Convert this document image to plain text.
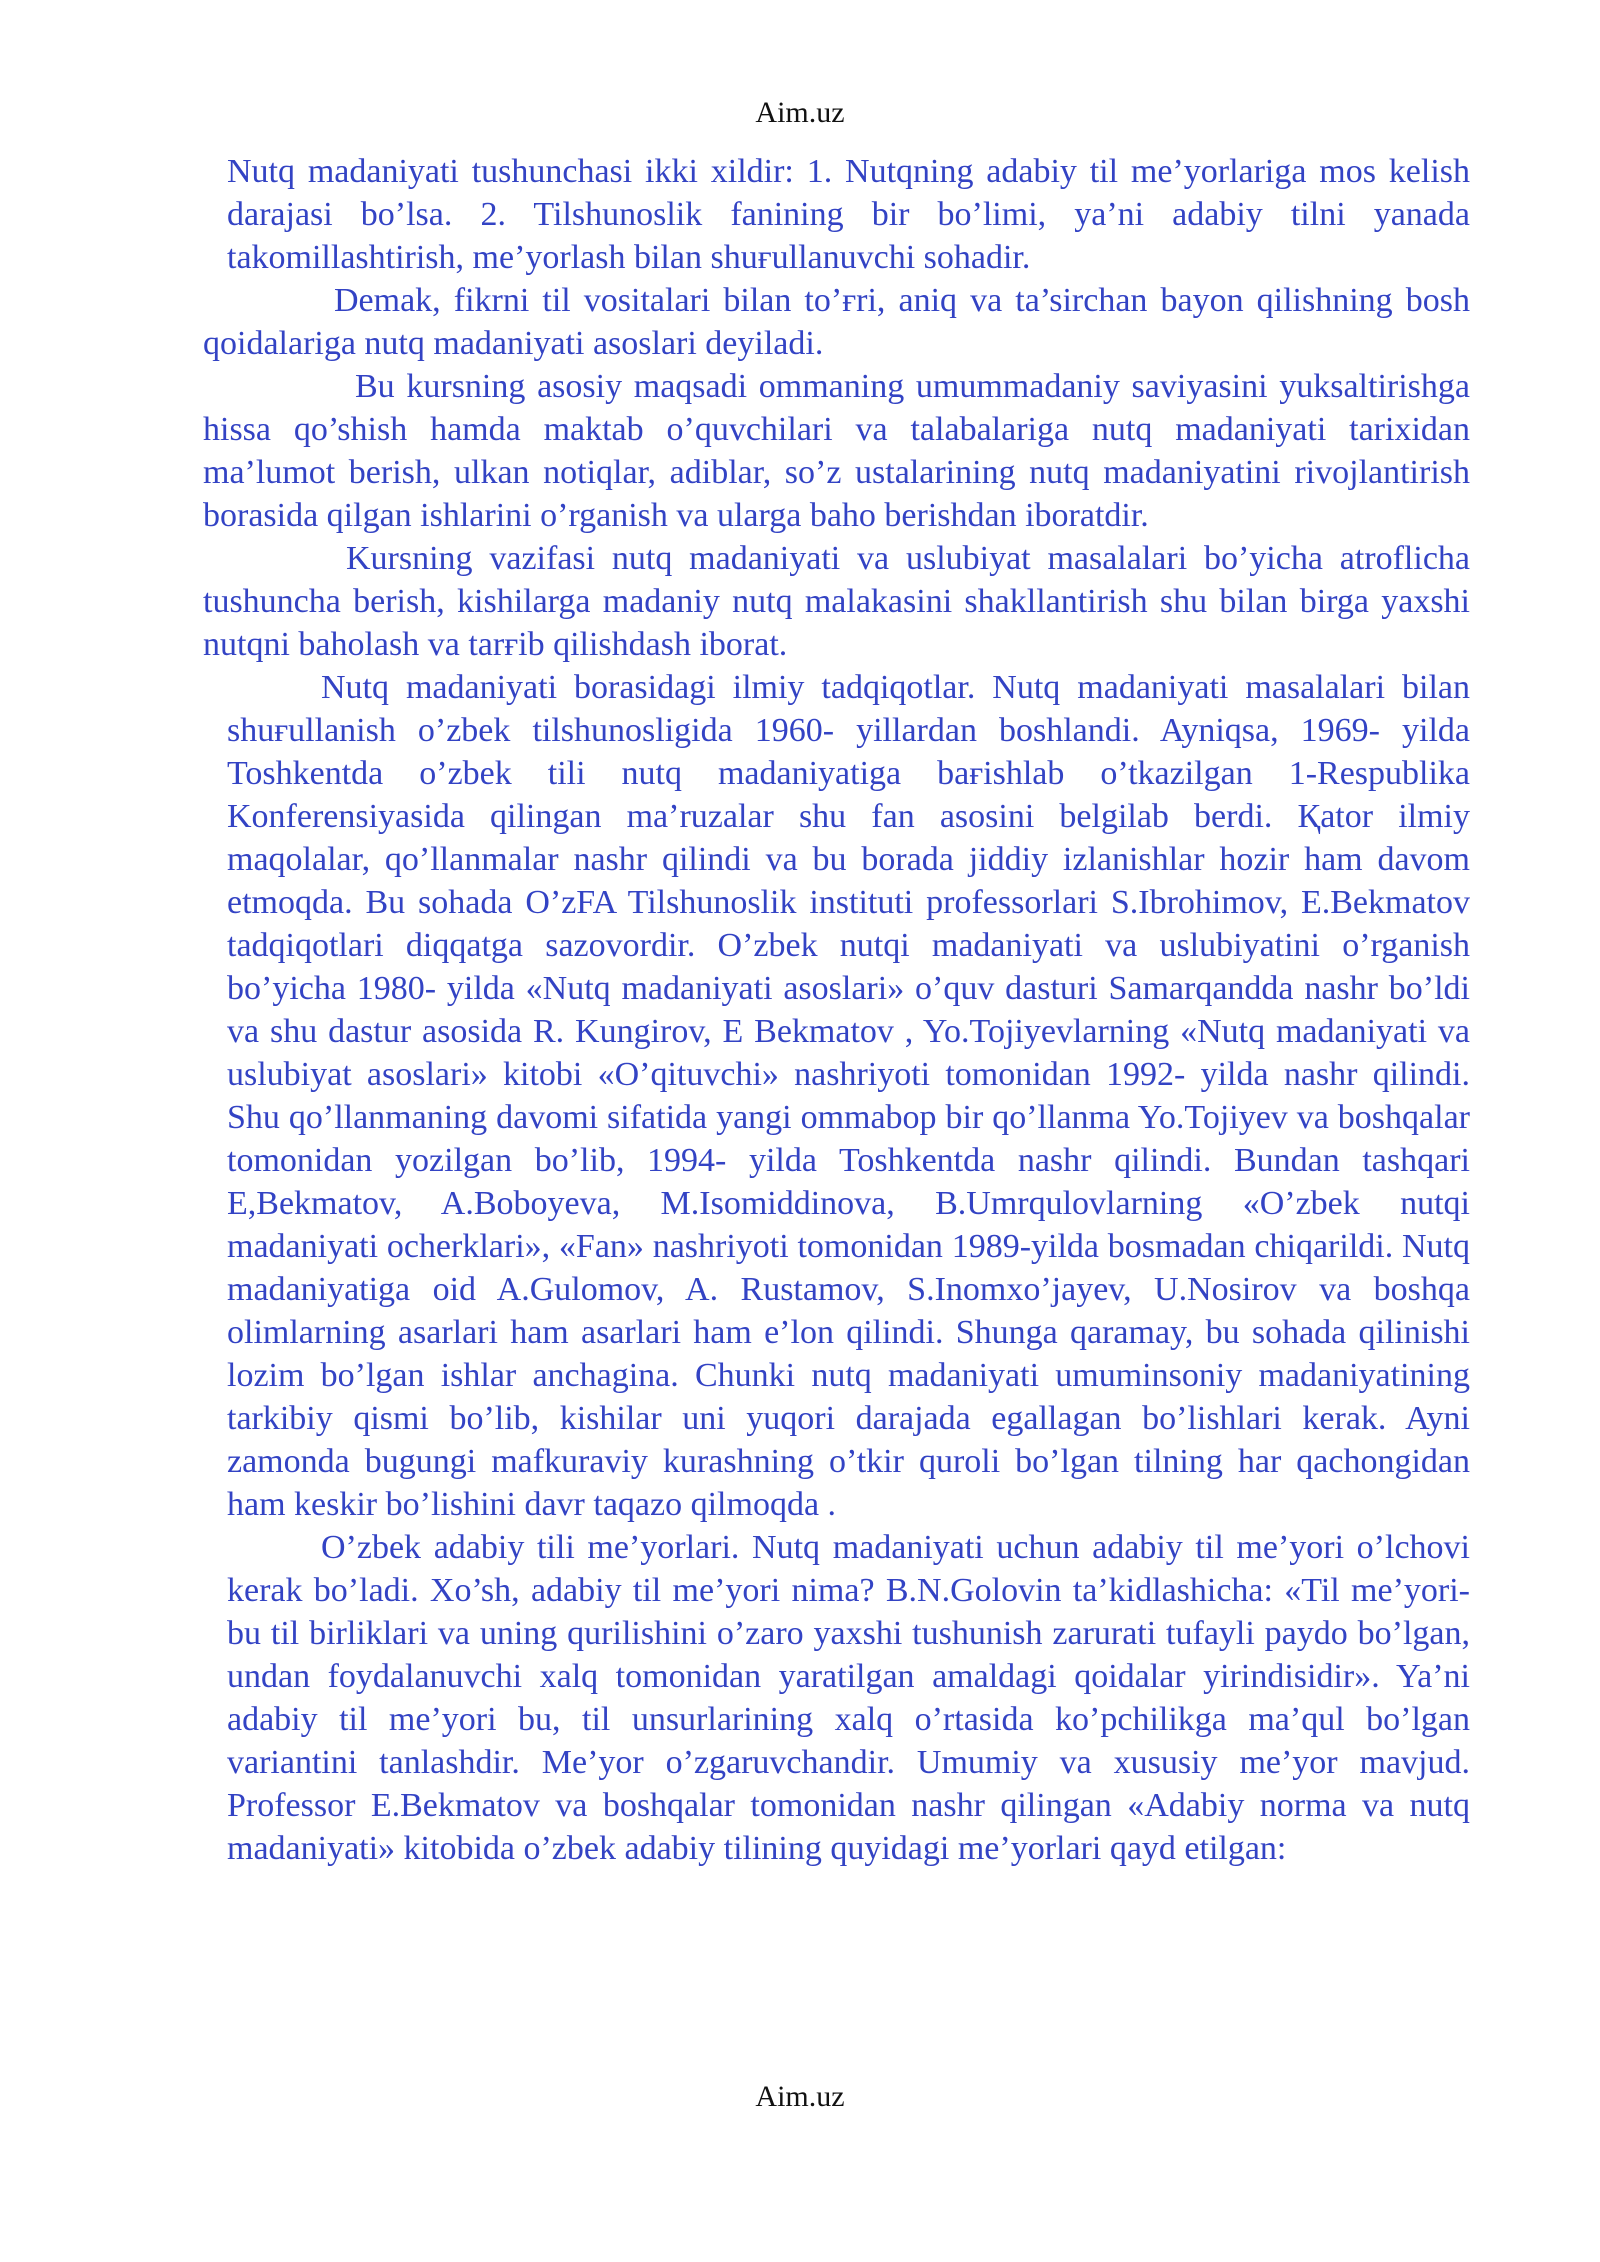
Aim.uz

Nutq madaniyati tushunchasi ikki xildir: 1. Nutqning adabiy til me’yorlariga mos kelish darajasi bo’lsa. 2. Tilshunoslik fanining bir bo’limi, ya’ni adabiy tilni yanada takomillashtirish, me’yorlash bilan shuғullanuvchi sohadir.

Demak, fikrni til vositalari bilan to’ғri, aniq va ta’sirchan bayon qilishning bosh qoidalariga nutq madaniyati asoslari deyiladi.

Bu kursning asosiy maqsadi ommaning umummadaniy saviyasini yuksaltirishga hissa qo’shish hamda maktab o’quvchilari va talabalariga nutq madaniyati tarixidan ma’lumot berish, ulkan notiqlar, adiblar, so’z ustalarining nutq madaniyatini rivojlantirish borasida qilgan ishlarini o’rganish va ularga baho berishdan iboratdir.

Kursning vazifasi nutq madaniyati va uslubiyat masalalari bo’yicha atroflicha tushuncha berish, kishilarga madaniy nutq malakasini shakllantirish shu bilan birga yaxshi nutqni baholash va tarғib qilishdash iborat.

Nutq madaniyati borasidagi ilmiy tadqiqotlar. Nutq madaniyati masalalari bilan shuғullanish o’zbek tilshunosligida 1960- yillardan boshlandi. Ayniqsa, 1969- yilda Toshkentda o’zbek tili nutq madaniyatiga baғishlab o’tkazilgan 1-Respublika Konferensiyasida qilingan ma’ruzalar shu fan asosini belgilab berdi. Қator ilmiy maqolalar, qo’llanmalar nashr qilindi va bu borada jiddiy izlanishlar hozir ham davom etmoqda. Bu sohada O’zFA Tilshunoslik instituti professorlari S.Ibrohimov, E.Bekmatov tadqiqotlari diqqatga sazovordir. O’zbek nutqi madaniyati va uslubiyatini o’rganish bo’yicha 1980- yilda «Nutq madaniyati asoslari» o’quv dasturi Samarqandda nashr bo’ldi va shu dastur asosida R. Kungirov, E Bekmatov , Yo.Tojiyevlarning «Nutq madaniyati va uslubiyat asoslari» kitobi «O’qituvchi» nashriyoti tomonidan 1992- yilda nashr qilindi. Shu qo’llanmaning davomi sifatida yangi ommabop bir qo’llanma Yo.Tojiyev va boshqalar tomonidan yozilgan bo’lib, 1994- yilda Toshkentda nashr qilindi. Bundan tashqari E,Bekmatov, A.Boboyeva, M.Isomiddinova, B.Umrqulovlarning «O’zbek nutqi madaniyati ocherklari», «Fan» nashriyoti tomonidan 1989-yilda bosmadan chiqarildi. Nutq madaniyatiga oid A.Gulomov, A. Rustamov, S.Inomxo’jayev, U.Nosirov va boshqa olimlarning asarlari ham asarlari ham e’lon qilindi. Shunga qaramay, bu sohada qilinishi lozim bo’lgan ishlar anchagina. Chunki nutq madaniyati umuminsoniy madaniyatining tarkibiy qismi bo’lib, kishilar uni yuqori darajada egallagan bo’lishlari kerak. Ayni zamonda bugungi mafkuraviy kurashning o’tkir quroli bo’lgan tilning har qachongidan ham keskir bo’lishini davr taqazo qilmoqda .

O’zbek adabiy tili me’yorlari. Nutq madaniyati uchun adabiy til me’yori o’lchovi kerak bo’ladi. Xo’sh, adabiy til me’yori nima? B.N.Golovin ta’kidlashicha: «Til me’yori- bu til birliklari va uning qurilishini o’zaro yaxshi tushunish zarurati tufayli paydo bo’lgan, undan foydalanuvchi xalq tomonidan yaratilgan amaldagi qoidalar yirindisidir». Ya’ni adabiy til me’yori bu, til unsurlarining xalq o’rtasida ko’pchilikga ma’qul bo’lgan variantini tanlashdir. Me’yor o’zgaruvchandir. Umumiy va xususiy me’yor mavjud. Professor E.Bekmatov va boshqalar tomonidan nashr qilingan «Adabiy norma va nutq madaniyati» kitobida o’zbek adabiy tilining quyidagi me’yorlari qayd etilgan:

Aim.uz
